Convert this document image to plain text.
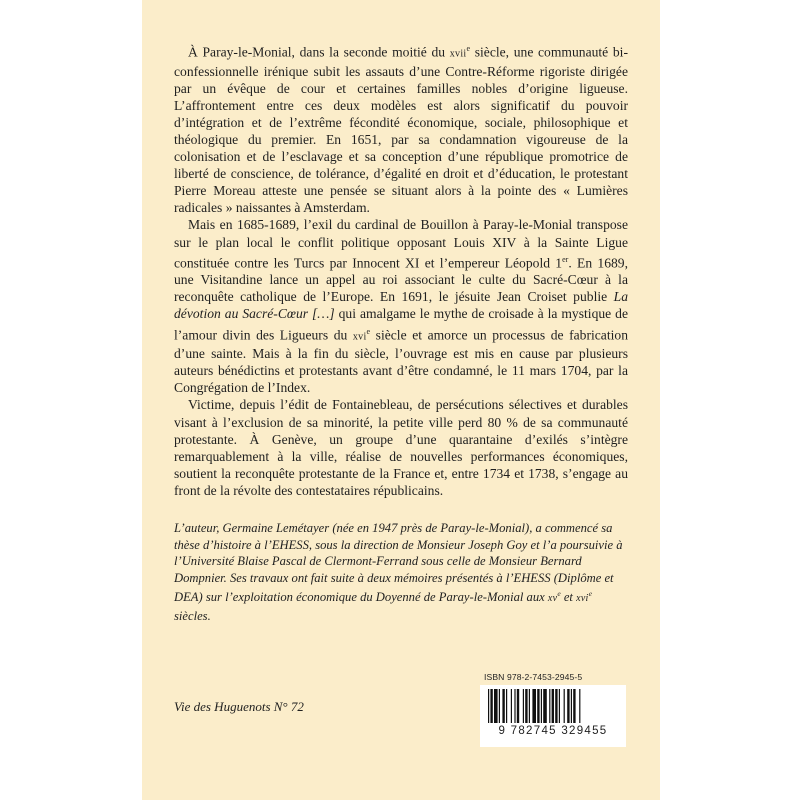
À Paray-le-Monial, dans la seconde moitié du xvii$^e$ siècle, une communauté bi-confessionnelle irénique subit les assauts d’une Contre-Réforme rigoriste dirigée par un évêque de cour et certaines familles nobles d’origine ligueuse. L’affrontement entre ces deux modèles est alors significatif du pouvoir d’intégration et de l’extrême fécondité économique, sociale, philosophique et théologique du premier. En 1651, par sa condamnation vigoureuse de la colonisation et de l’esclavage et sa conception d’une république promotrice de liberté de conscience, de tolérance, d’égalité en droit et d’éducation, le protestant Pierre Moreau atteste une pensée se situant alors à la pointe des « Lumières radicales » naissantes à Amsterdam.

Mais en 1685-1689, l’exil du cardinal de Bouillon à Paray-le-Monial transpose sur le plan local le conflit politique opposant Louis XIV à la Sainte Ligue constituée contre les Turcs par Innocent XI et l’empereur Léopold 1er. En 1689, une Visitandine lance un appel au roi associant le culte du Sacré-Cœur à la reconquête catholique de l’Europe. En 1691, le jésuite Jean Croiset publie La dévotion au Sacré-Cœur […] qui amalgame le mythe de croisade à la mystique de l’amour divin des Ligueurs du xvi$^e$ siècle et amorce un processus de fabrication d’une sainte. Mais à la fin du siècle, l’ouvrage est mis en cause par plusieurs auteurs bénédictins et protestants avant d’être condamné, le 11 mars 1704, par la Congrégation de l’Index.

Victime, depuis l’édit de Fontainebleau, de persécutions sélectives et durables visant à l’exclusion de sa minorité, la petite ville perd 80 % de sa communauté protestante. À Genève, un groupe d’une quarantaine d’exilés s’intègre remarquablement à la ville, réalise de nouvelles performances économiques, soutient la reconquête protestante de la France et, entre 1734 et 1738, s’engage au front de la révolte des contestataires républicains.

L’auteur, Germaine Lemétayer (née en 1947 près de Paray-le-Monial), a commencé sa thèse d’histoire à l’EHESS, sous la direction de Monsieur Joseph Goy et l’a poursuivie à l’Université Blaise Pascal de Clermont-Ferrand sous celle de Monsieur Bernard Dompnier. Ses travaux ont fait suite à deux mémoires présentés à l’EHESS (Diplôme et DEA) sur l’exploitation économique du Doyenné de Paray-le-Monial aux $xv^e$ et xvi$^e$ siècles.

Vie des Huguenots N° 72
ISBN 978-2-7453-2945-5
9 782745 329455
